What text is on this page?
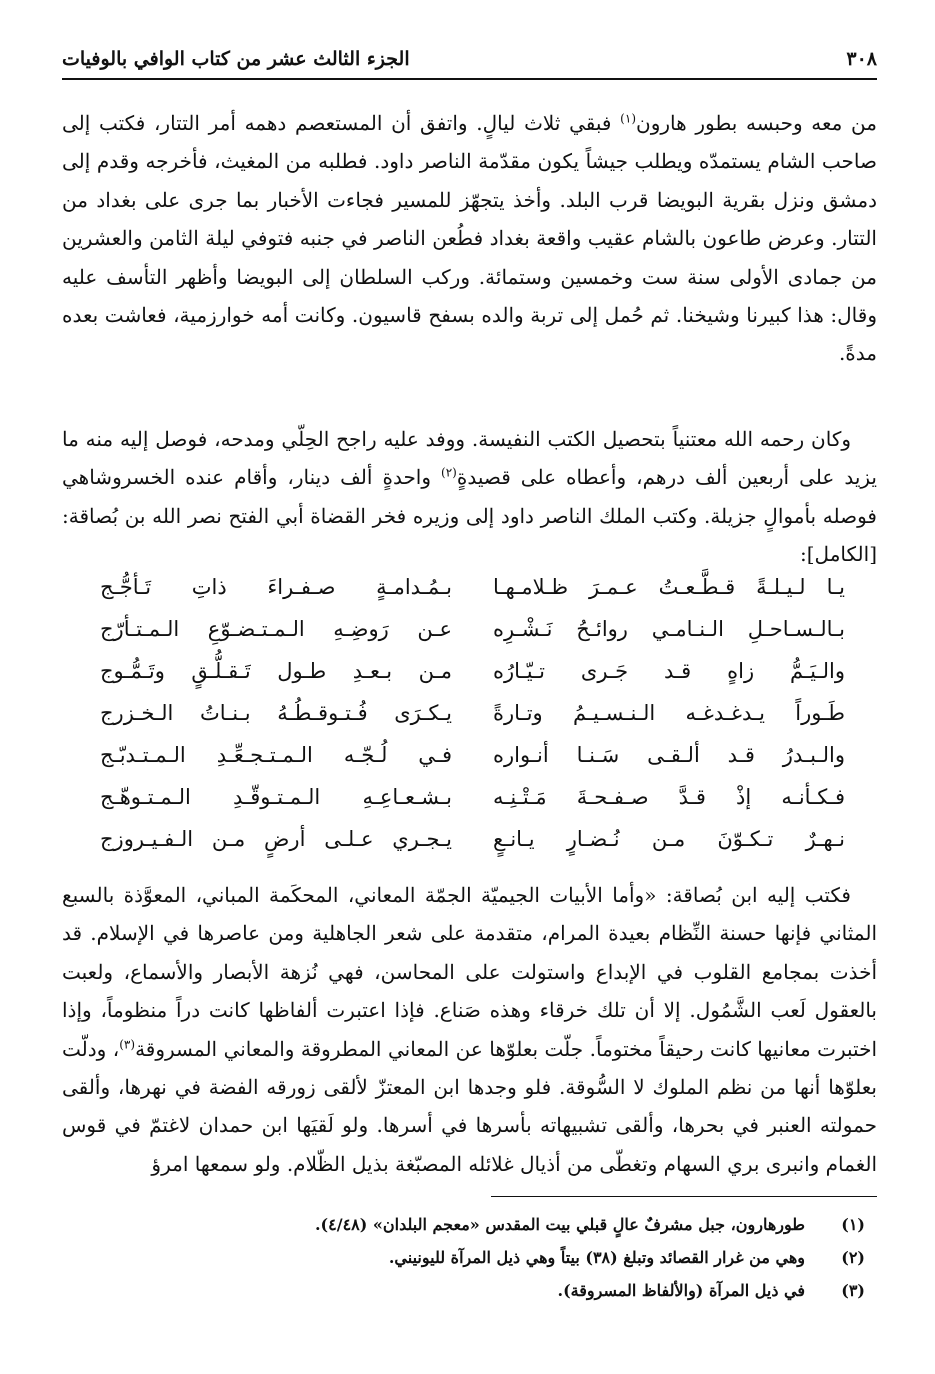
٣٠٨
الجزء الثالث عشر من كتاب الوافي بالوفيات
من معه وحبسه بطور هارون$^{(١)}$ فبقي ثلاث ليالٍ. واتفق أن المستعصم دهمه أمر التتار، فكتب إلى صاحب الشام يستمدّه ويطلب جيشاً يكون مقدّمة الناصر داود. فطلبه من المغيث، فأخرجه وقدم إلى دمشق ونزل بقرية البويضا قرب البلد. وأخذ يتجهّز للمسير فجاءت الأخبار بما جرى على بغداد من التتار. وعرض طاعون بالشام عقيب واقعة بغداد فطُعن الناصر في جنبه فتوفي ليلة الثامن والعشرين من جمادى الأولى سنة ست وخمسين وستمائة. وركب السلطان إلى البويضا وأظهر التأسف عليه وقال: هذا كبيرنا وشيخنا. ثم حُمل إلى تربة والده بسفح قاسيون. وكانت أمه خوارزمية، فعاشت بعده مدةً.
وكان رحمه الله معتنياً بتحصيل الكتب النفيسة. ووفد عليه راجح الحِلّي ومدحه، فوصل إليه منه ما يزيد على أربعين ألف درهم، وأعطاه على قصيدةٍ$^{(٢)}$ واحدةٍ ألف دينار، وأقام عنده الخسروشاهي فوصله بأموالٍ جزيلة. وكتب الملك الناصر داود إلى وزيره فخر القضاة أبي الفتح نصر الله بن بُصاقة: [الكامل]:
يـا لـيـلـةً قـطَّـعـتُ عـمـرَ ظـلامـهـا
بـمُـدامـةٍ صـفـراءَ ذاتِ تَـأجُّـج
بـالـسـاحـلِ الـنـامـي روائـحُ نَـشْـرِه
عـن رَوضِـهِ الـمـتـضـوّعِ الـمـتـأرّج
والـيَـمُّ زاهٍ قـد جَـرى تـيّـارُه
مـن بـعـدِ طـول تَـقـلُّـقٍ وتَـمُّـوج
طَـوراً يـدغـدغـه الـنـسـيـمُ وتـارةً
يـكـرَى فُـتـوقـطُـهُ بـنـاتُ الـخـزرج
والـبـدرُ قـد ألـقـى سَـنـا أنـواره
فـي لُـجّـه الـمـتـجـعِّـدِ الـمـتـدبّـج
فـكـأنـه إذْ قـدَّ صـفـحـةَ مَـتْـنِـه
بـشـعـاعِـهِ الـمـتـوقّـدِ الـمـتـوهّـج
نـهـرٌ تـكـوّنَ مـن نُـضـارٍ يـانـعٍ
يـجـري عـلـى أرضٍ مـن الـفـيـروزج
فكتب إليه ابن بُصاقة: «وأما الأبيات الجيميّة الجمّة المعاني، المحكَمة المباني، المعوَّذة بالسبع المثاني فإنها حسنة النِّظام بعيدة المرام، متقدمة على شعر الجاهلية ومن عاصرها في الإسلام. قد أخذت بمجامع القلوب في الإبداع واستولت على المحاسن، فهي نُزهة الأبصار والأسماع، ولعبت بالعقول لَعب الشَّمُول. إلا أن تلك خرقاء وهذه صَناع. فإذا اعتبرت ألفاظها كانت دراً منظوماً، وإذا اختبرت معانيها كانت رحيقاً مختوماً. جلّت بعلوّها عن المعاني المطروقة والمعاني المسروقة$^{(٣)}$، ودلّت بعلوّها أنها من نظم الملوك لا السُّوقة. فلو وجدها ابن المعتزّ لألقى زورقه الفضة في نهرها، وألقى حمولته العنبر في بحرها، وألقى تشبيهاته بأسرها في أسرها. ولو لَقيَها ابن حمدان لاغتمّ في قوس الغمام وانبرى بري السهام وتغطّى من أذيال غلائله المصبّغة بذيل الظّلام. ولو سمعها امرؤ
(١)
طورهارون، جبل مشرفٌ عالٍ قبلي بيت المقدس «معجم البلدان» (٤/٤٨).
(٢)
وهي من غرار القصائد وتبلغ (٣٨) بيتاً وهي ذيل المرآة لليونيني.
(٣)
في ذيل المرآة (والألفاظ المسروقة).
